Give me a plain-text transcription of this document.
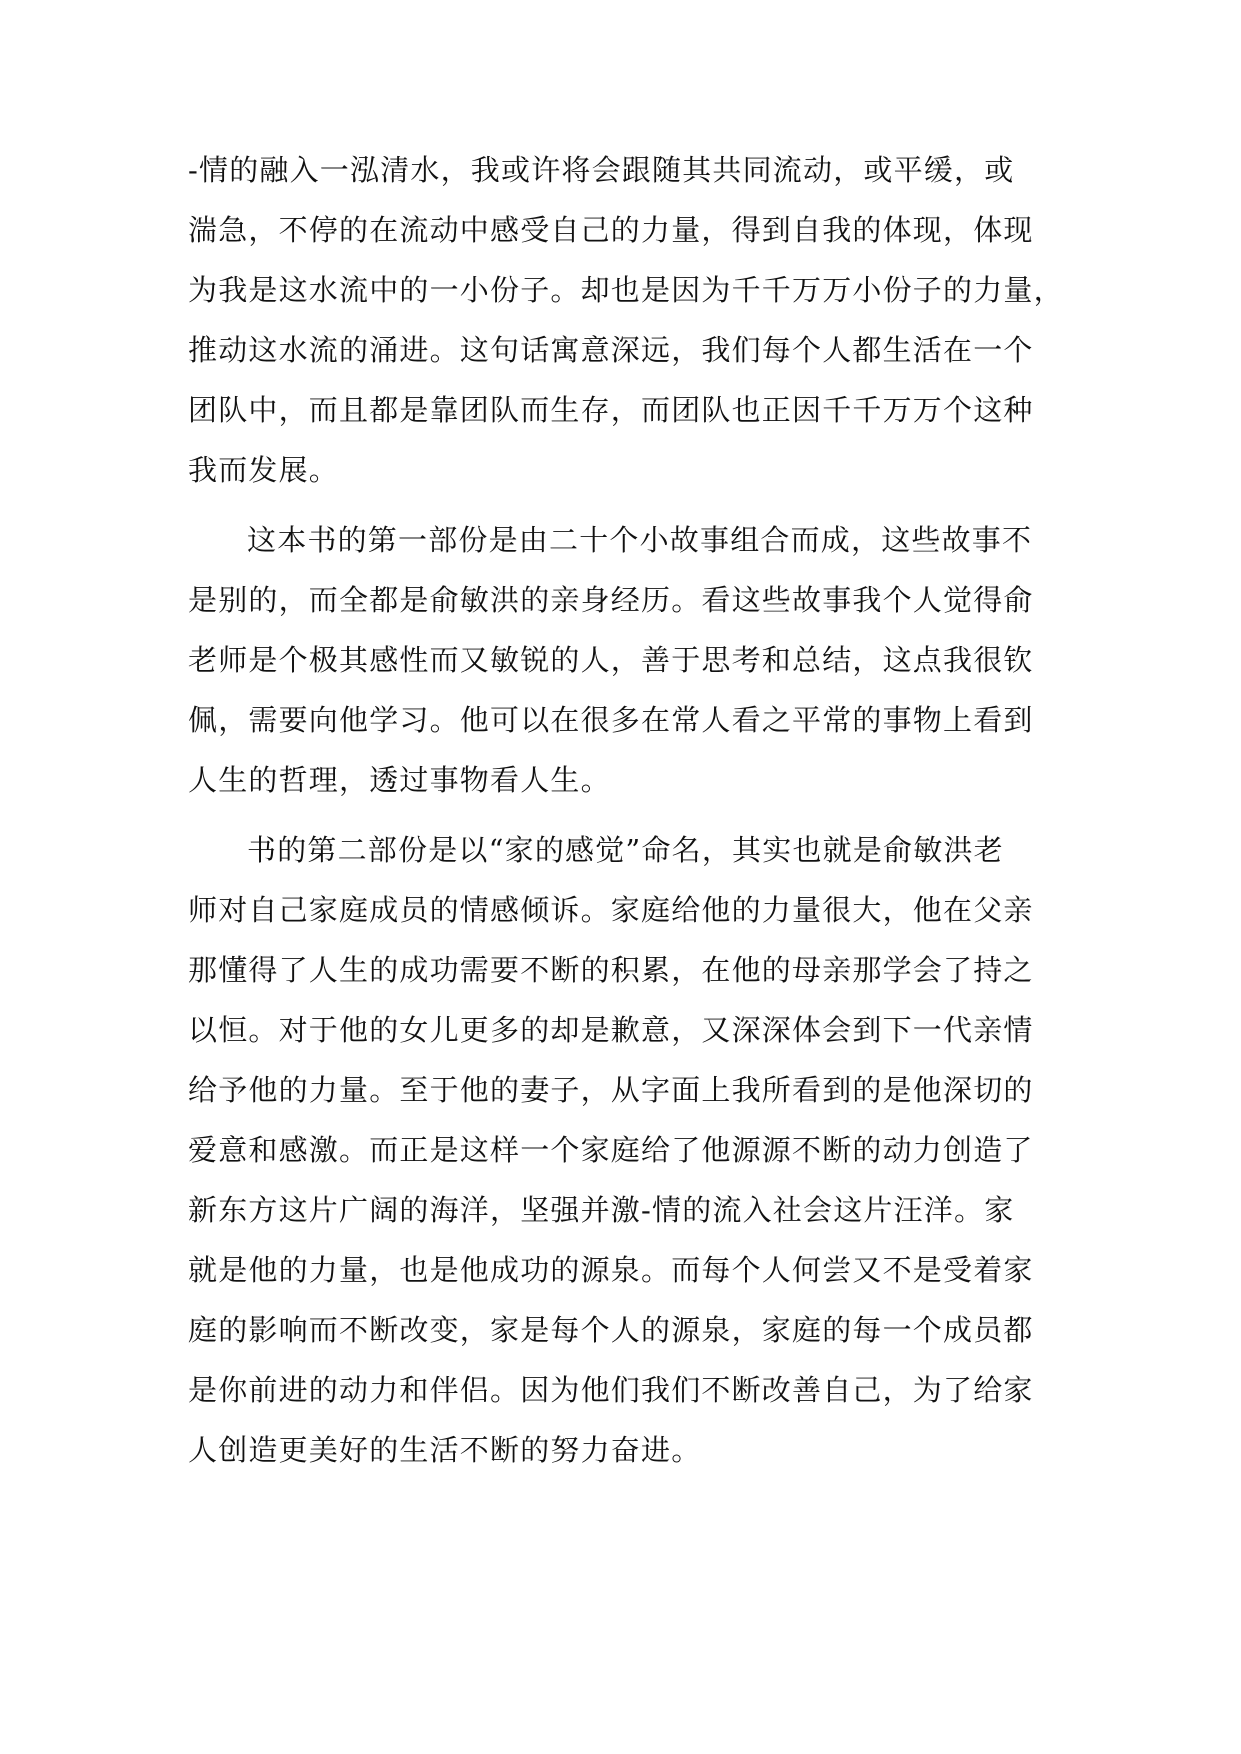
-情的融入一泓清水，我或许将会跟随其共同流动，或平缓，或
湍急，不停的在流动中感受自己的力量，得到自我的体现，体现
为我是这水流中的一小份子。却也是因为千千万万小份子的力量，
推动这水流的涌进。这句话寓意深远，我们每个人都生活在一个
团队中，而且都是靠团队而生存，而团队也正因千千万万个这种
我而发展。
这本书的第一部份是由二十个小故事组合而成，这些故事不
是别的，而全都是俞敏洪的亲身经历。看这些故事我个人觉得俞
老师是个极其感性而又敏锐的人，善于思考和总结，这点我很钦
佩，需要向他学习。他可以在很多在常人看之平常的事物上看到
人生的哲理，透过事物看人生。
书的第二部份是以“家的感觉”命名，其实也就是俞敏洪老
师对自己家庭成员的情感倾诉。家庭给他的力量很大，他在父亲
那懂得了人生的成功需要不断的积累，在他的母亲那学会了持之
以恒。对于他的女儿更多的却是歉意，又深深体会到下一代亲情
给予他的力量。至于他的妻子，从字面上我所看到的是他深切的
爱意和感激。而正是这样一个家庭给了他源源不断的动力创造了
新东方这片广阔的海洋，坚强并激-情的流入社会这片汪洋。家
就是他的力量，也是他成功的源泉。而每个人何尝又不是受着家
庭的影响而不断改变，家是每个人的源泉，家庭的每一个成员都
是你前进的动力和伴侣。因为他们我们不断改善自己，为了给家
人创造更美好的生活不断的努力奋进。
